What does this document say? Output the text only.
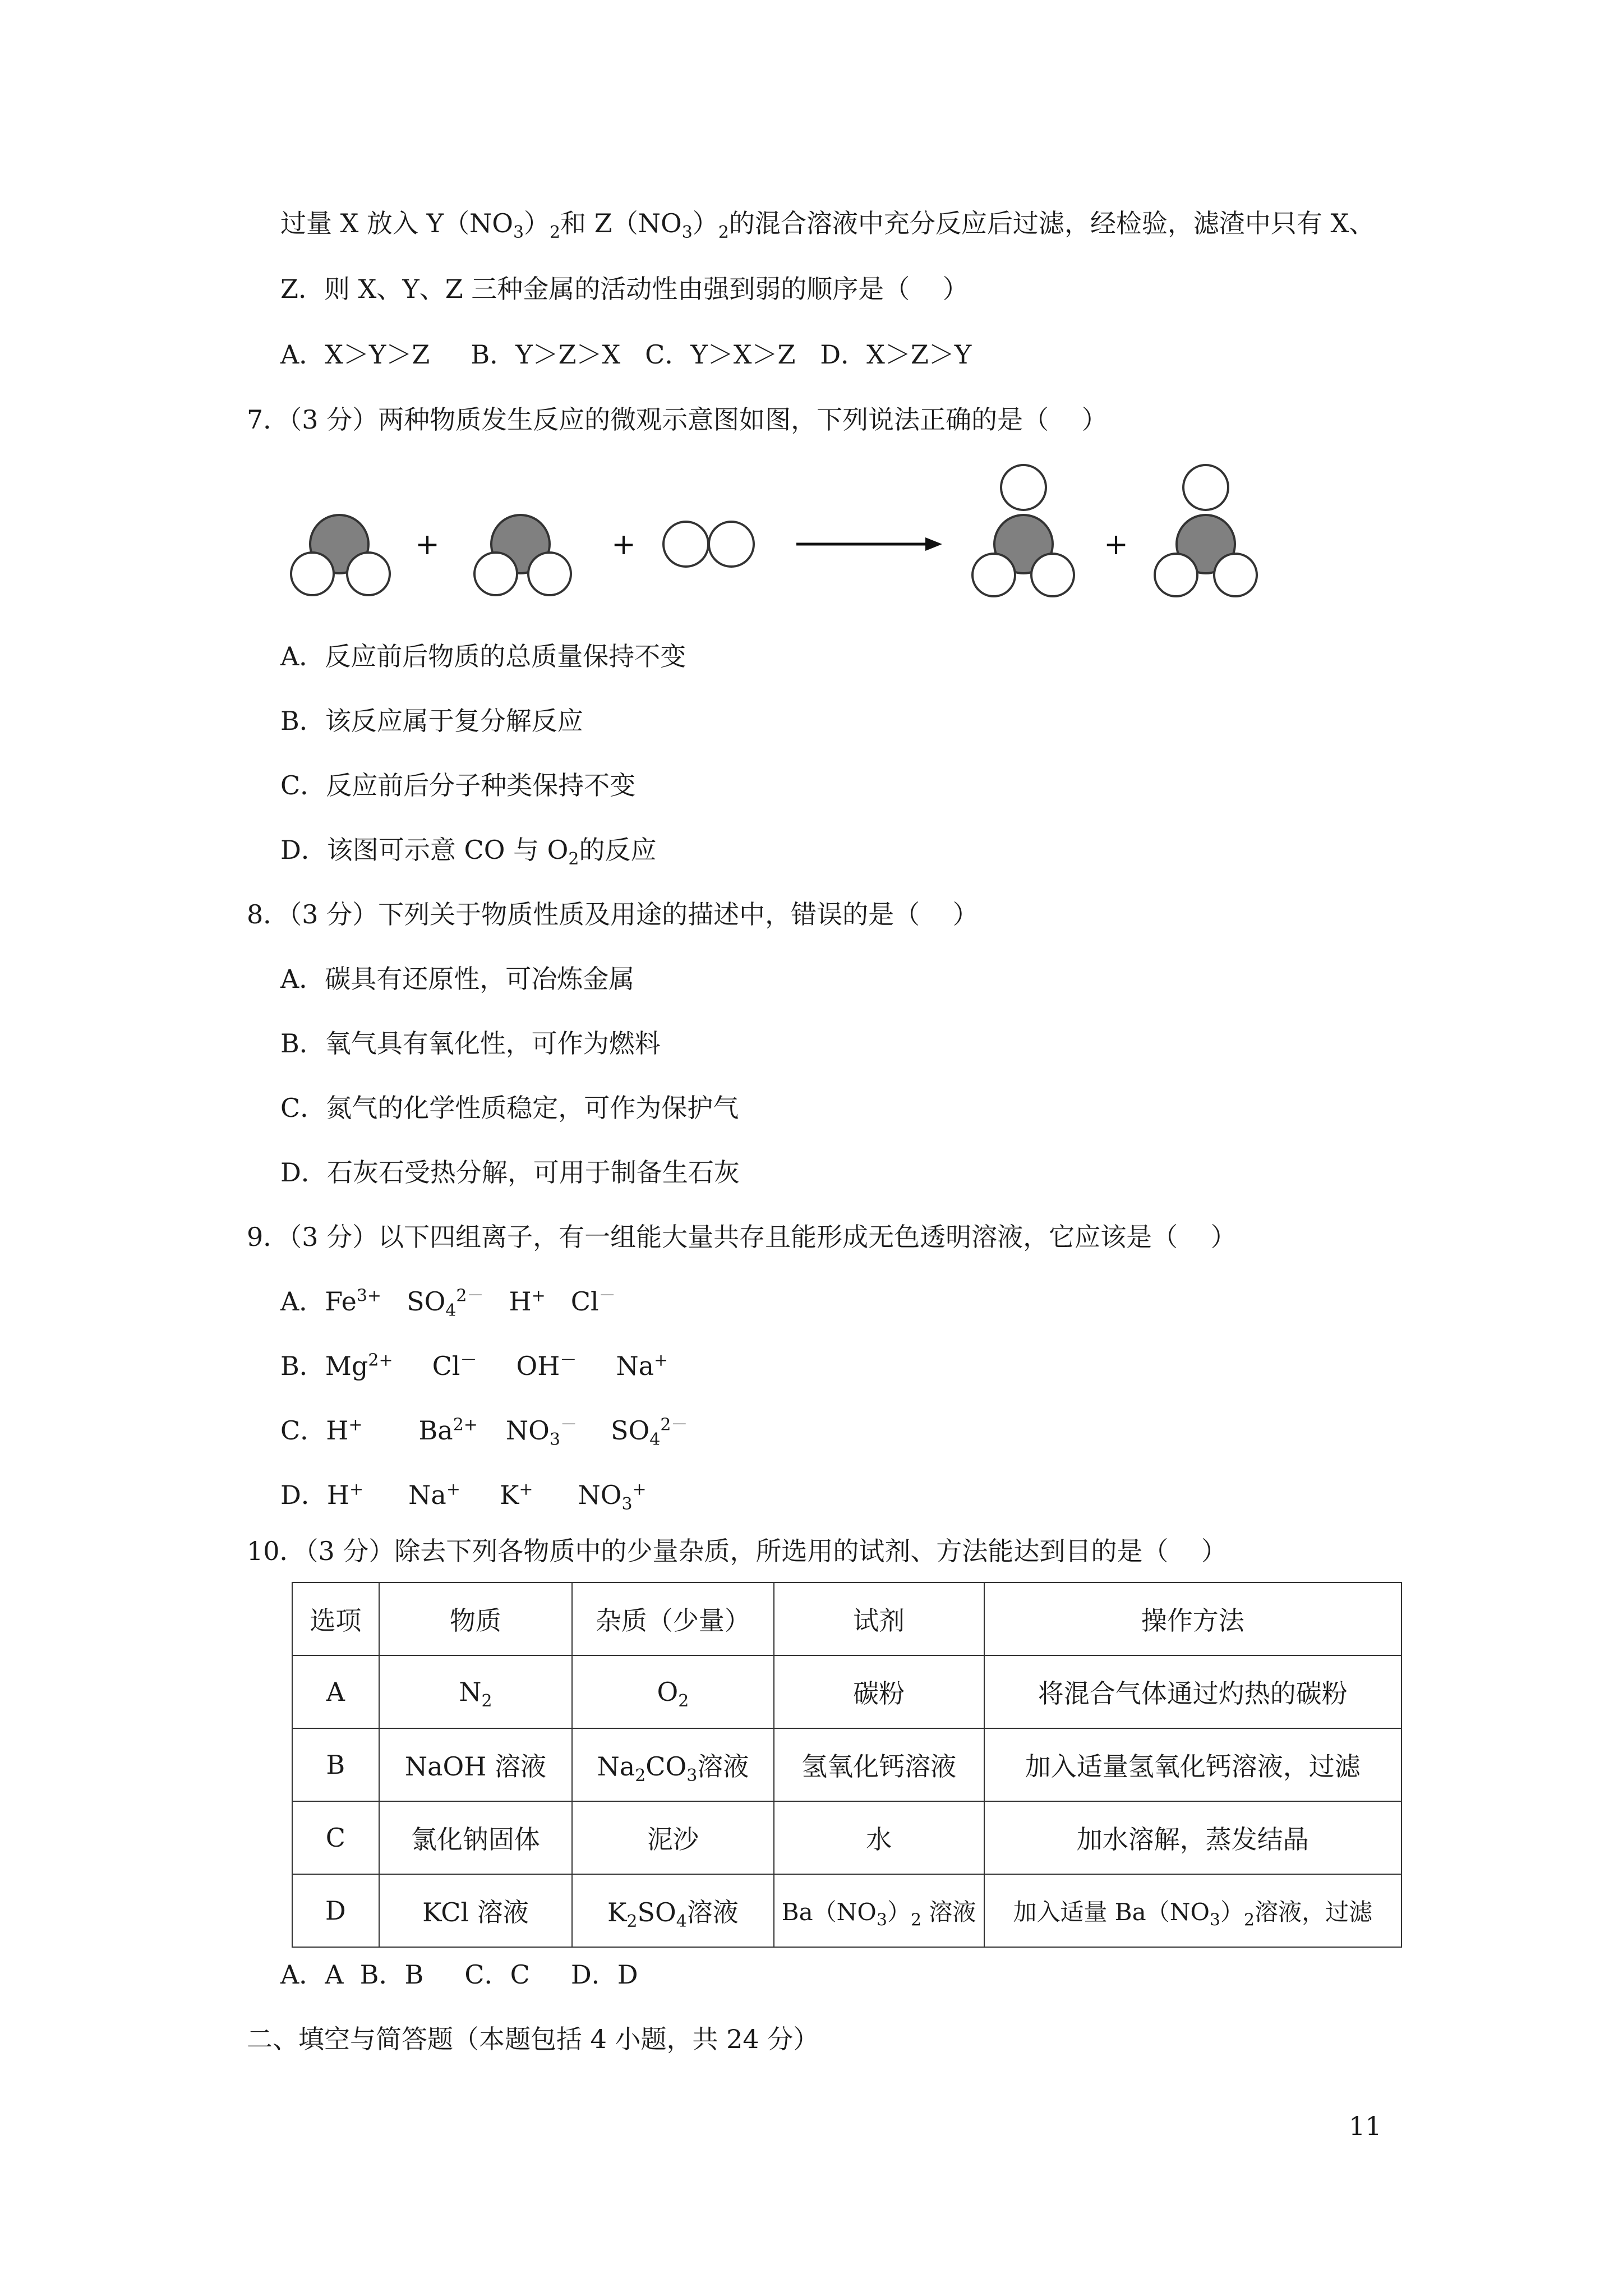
过量 X 放入 $Y(NO_3)_2$和 $Z(NO_3)_2$的混合溶液中充分反应后过滤，经检验，滤渣中只有 X、
Z．则 X、Y、Z 三种金属的活动性由强到弱的顺序是（    ）
A．X＞Y＞Z     B．Y＞Z＞X   C．Y＞X＞Z   D．X＞Z＞Y
7．（3 分）两种物质发生反应的微观示意图如图，下列说法正确的是（    ）
+	+	+
A．反应前后物质的总质量保持不变
B．该反应属于复分解反应
C．反应前后分子种类保持不变
D．该图可示意 CO 与 $O_2$的反应
8．（3 分）下列关于物质性质及用途的描述中，错误的是（    ）
A．碳具有还原性，可冶炼金属
B．氧气具有氧化性，可作为燃料
C．氮气的化学性质稳定，可作为保护气
D．石灰石受热分解，可用于制备生石灰
9．（3 分）以下四组离子，有一组能大量共存且能形成无色透明溶液，它应该是（    ）
A．$Fe^{3+}$ $SO_4^{2-}$ H+ Cl－
B．$Mg^{2+}$ Cl－ OH－ Na+
C．H+ $Ba^{2+}$ $NO_3^-$ $SO_4^{2-}$
D．H+ Na+ K+ $NO_3^+$
10．（3 分）除去下列各物质中的少量杂质，所选用的试剂、方法能达到目的是（    ）
选项	物质	杂质（少量）	试剂	操作方法
A	$N_2$	$O_2$	碳粉	将混合气体通过灼热的碳粉
B	NaOH 溶液	$Na_2CO_3$溶液	氢氧化钙溶液	加入适量氢氧化钙溶液，过滤
C	氯化钠固体	泥沙	水	加水溶解，蒸发结晶
D	KCl 溶液	$K_2SO_4$溶液	$Ba(NO_3)_2$ 溶液	加入适量 $Ba(NO_3)_2$溶液，过滤
A．A  B．B     C．C     D．D
二、填空与简答题（本题包括 4 小题，共 24 分）
11
